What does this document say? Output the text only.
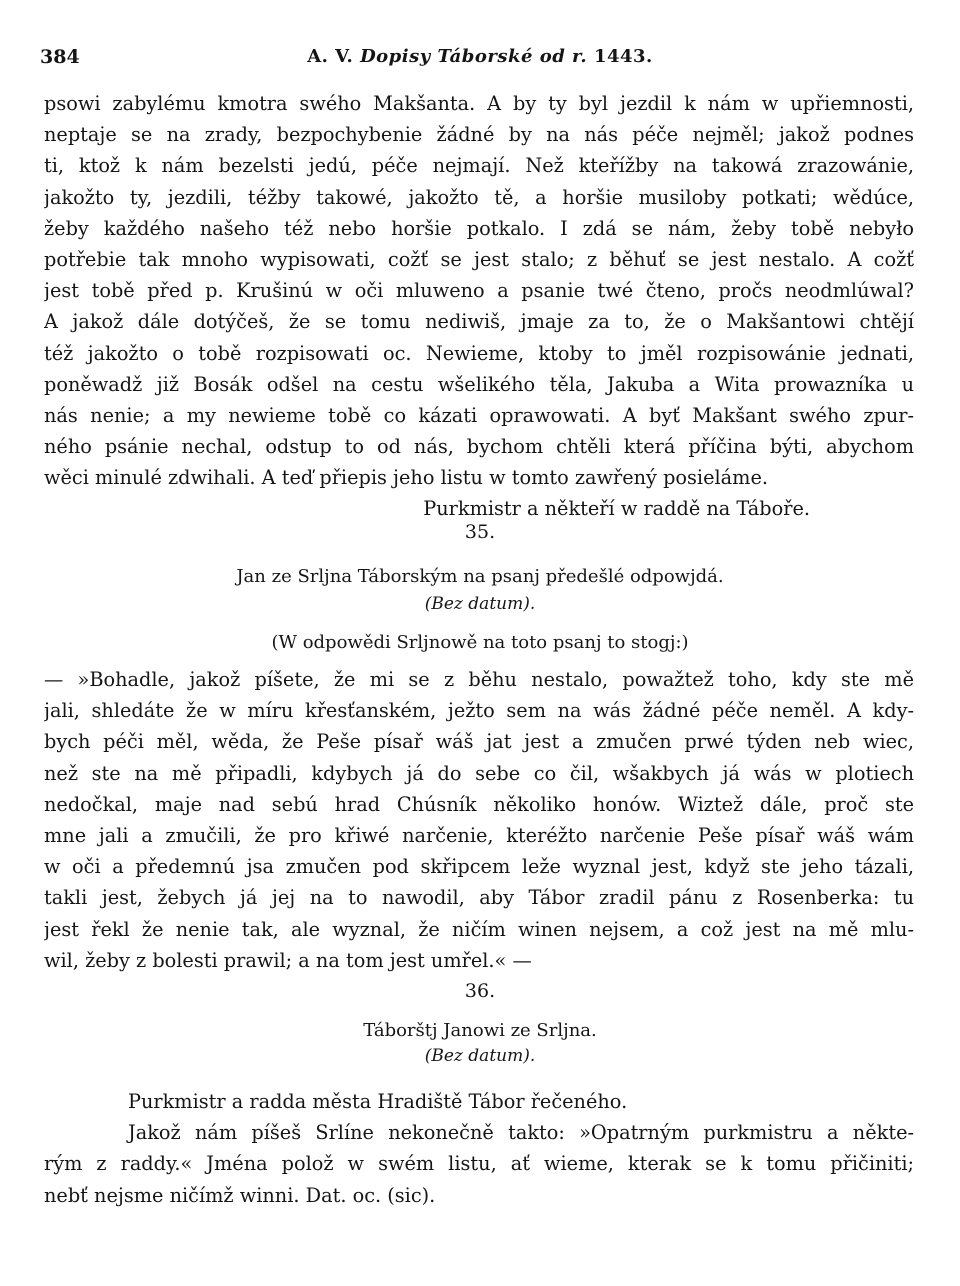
384	A. V. Dopisy Táborské od r. 1443.
psowi zabylému kmotra swého Makšanta. A by ty byl jezdil k nám w upřiemnosti,
neptaje se na zrady, bezpochybenie žádné by na nás péče nejměl; jakož podnes
ti, ktož k nám bezelsti jedú, péče nejmají. Než kteřížby na takowá zrazowánie,
jakožto ty, jezdili, téžby takowé, jakožto tě, a horšie musiloby potkati; wědúce,
žeby každého našeho též nebo horšie potkalo. I zdá se nám, žeby tobě nebyło
potřebie tak mnoho wypisowati, cožť se jest stalo; z běhuť se jest nestalo. A cožť
jest tobě před p. Krušinú w oči mluweno a psanie twé čteno, pročs neodmlúwal?
A jakož dále dotýčeš, že se tomu nediwiš, jmaje za to, že o Makšantowi chtějí
též jakožto o tobě rozpisowati oc. Newieme, ktoby to jměl rozpisowánie jednati,
poněwadž již Bosák odšel na cestu wšelikého těla, Jakuba a Wita prowazníka u
nás nenie; a my newieme tobě co kázati oprawowati. A byť Makšant swého zpur-
ného psánie nechal, odstup to od nás, bychom chtěli která příčina býti, abychom
wěci minulé zdwihali. A teď přiepis jeho listu w tomto zawřený posieláme.
Purkmistr a někteří w raddě na Tábořе.
35.
Jan ze Srljna Táborským na psanj předešlé odpowjdá.
(Bez datum).
(W odpowědi Srljnowě na toto psanj to stogj:)
— »Bohadle, jakož píšete, že mi se z běhu nestalo, powažtež toho, kdy ste mě
jali, shledáte že w míru křesťanském, ježto sem na wás žádné péče neměl. A kdy-
bych péči měl, wěda, že Peše písař wáš jat jest a zmučen prwé týden neb wiec,
než ste na mě připadli, kdybych já do sebe co čil, wšakbych já wás w plotiech
nedočkal, maje nad sebú hrad Chúsník několiko honów. Wiztež dále, proč ste
mne jali a zmučili, že pro křiwé narčenie, kteréžto narčenie Peše písař wáš wám
w oči a předemnú jsa zmučen pod skřipcem leže wyznal jest, když ste jeho tázali,
takli jest, žebych já jej na to nawodil, aby Tábor zradil pánu z Rosenberka: tu
jest řekl že nenie tak, ale wyznal, že ničím winen nejsem, a což jest na mě mlu-
wil, žeby z bolesti prawil; a na tom jest umřel.« —
36.
Táborštj Janowi ze Srljna.
(Bez datum).
Purkmistr a radda města Hradiště Tábor řečeného.
Jakož nám píšeš Srlíne nekonečně takto: »Opatrným purkmistru a někte-
rým z raddy.« Jména polož w swém listu, ať wieme, kterak se k tomu přičiniti;
nebť nejsme ničímž winni. Dat. oc. (sic).
